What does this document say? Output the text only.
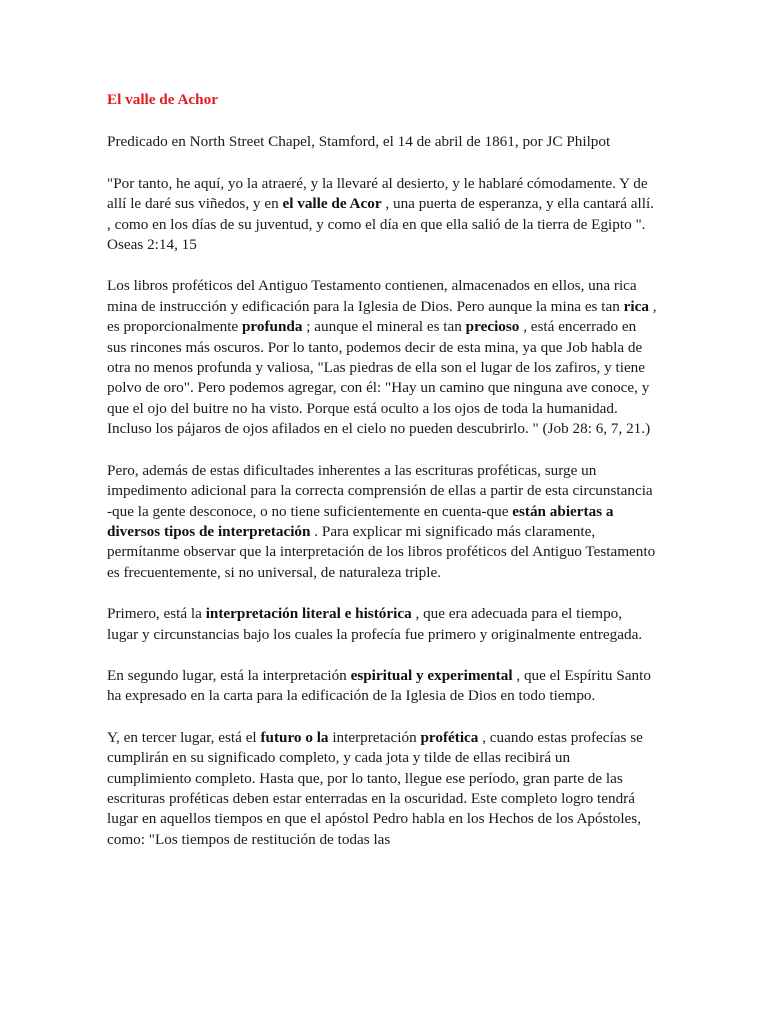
El valle de Achor

Predicado en North Street Chapel, Stamford, el 14 de abril de 1861, por JC Philpot

"Por tanto, he aquí, yo la atraeré, y la llevaré al desierto, y le hablaré cómodamente. Y de allí le daré sus viñedos, y en el valle de Acor , una puerta de esperanza, y ella cantará allí. , como en los días de su juventud, y como el día en que ella salió de la tierra de Egipto ". Oseas 2:14, 15

Los libros proféticos del Antiguo Testamento contienen, almacenados en ellos, una rica mina de instrucción y edificación para la Iglesia de Dios. Pero aunque la mina es tan rica , es proporcionalmente profunda ; aunque el mineral es tan precioso , está encerrado en sus rincones más oscuros. Por lo tanto, podemos decir de esta mina, ya que Job habla de otra no menos profunda y valiosa, "Las piedras de ella son el lugar de los zafiros, y tiene polvo de oro". Pero podemos agregar, con él: "Hay un camino que ninguna ave conoce, y que el ojo del buitre no ha visto. Porque está oculto a los ojos de toda la humanidad. Incluso los pájaros de ojos afilados en el cielo no pueden descubrirlo. " (Job 28: 6, 7, 21.)

Pero, además de estas dificultades inherentes a las escrituras proféticas, surge un impedimento adicional para la correcta comprensión de ellas a partir de esta circunstancia -que la gente desconoce, o no tiene suficientemente en cuenta-que están abiertas a diversos tipos de interpretación . Para explicar mi significado más claramente, permítanme observar que la interpretación de los libros proféticos del Antiguo Testamento es frecuentemente, si no universal, de naturaleza triple.

Primero, está la interpretación literal e histórica , que era adecuada para el tiempo, lugar y circunstancias bajo los cuales la profecía fue primero y originalmente entregada.

En segundo lugar, está la interpretación espiritual y experimental , que el Espíritu Santo ha expresado en la carta para la edificación de la Iglesia de Dios en todo tiempo.

Y, en tercer lugar, está el futuro o la interpretación profética , cuando estas profecías se cumplirán en su significado completo, y cada jota y tilde de ellas recibirá un cumplimiento completo. Hasta que, por lo tanto, llegue ese período, gran parte de las escrituras proféticas deben estar enterradas en la oscuridad. Este completo logro tendrá lugar en aquellos tiempos en que el apóstol Pedro habla en los Hechos de los Apóstoles, como: "Los tiempos de restitución de todas las
